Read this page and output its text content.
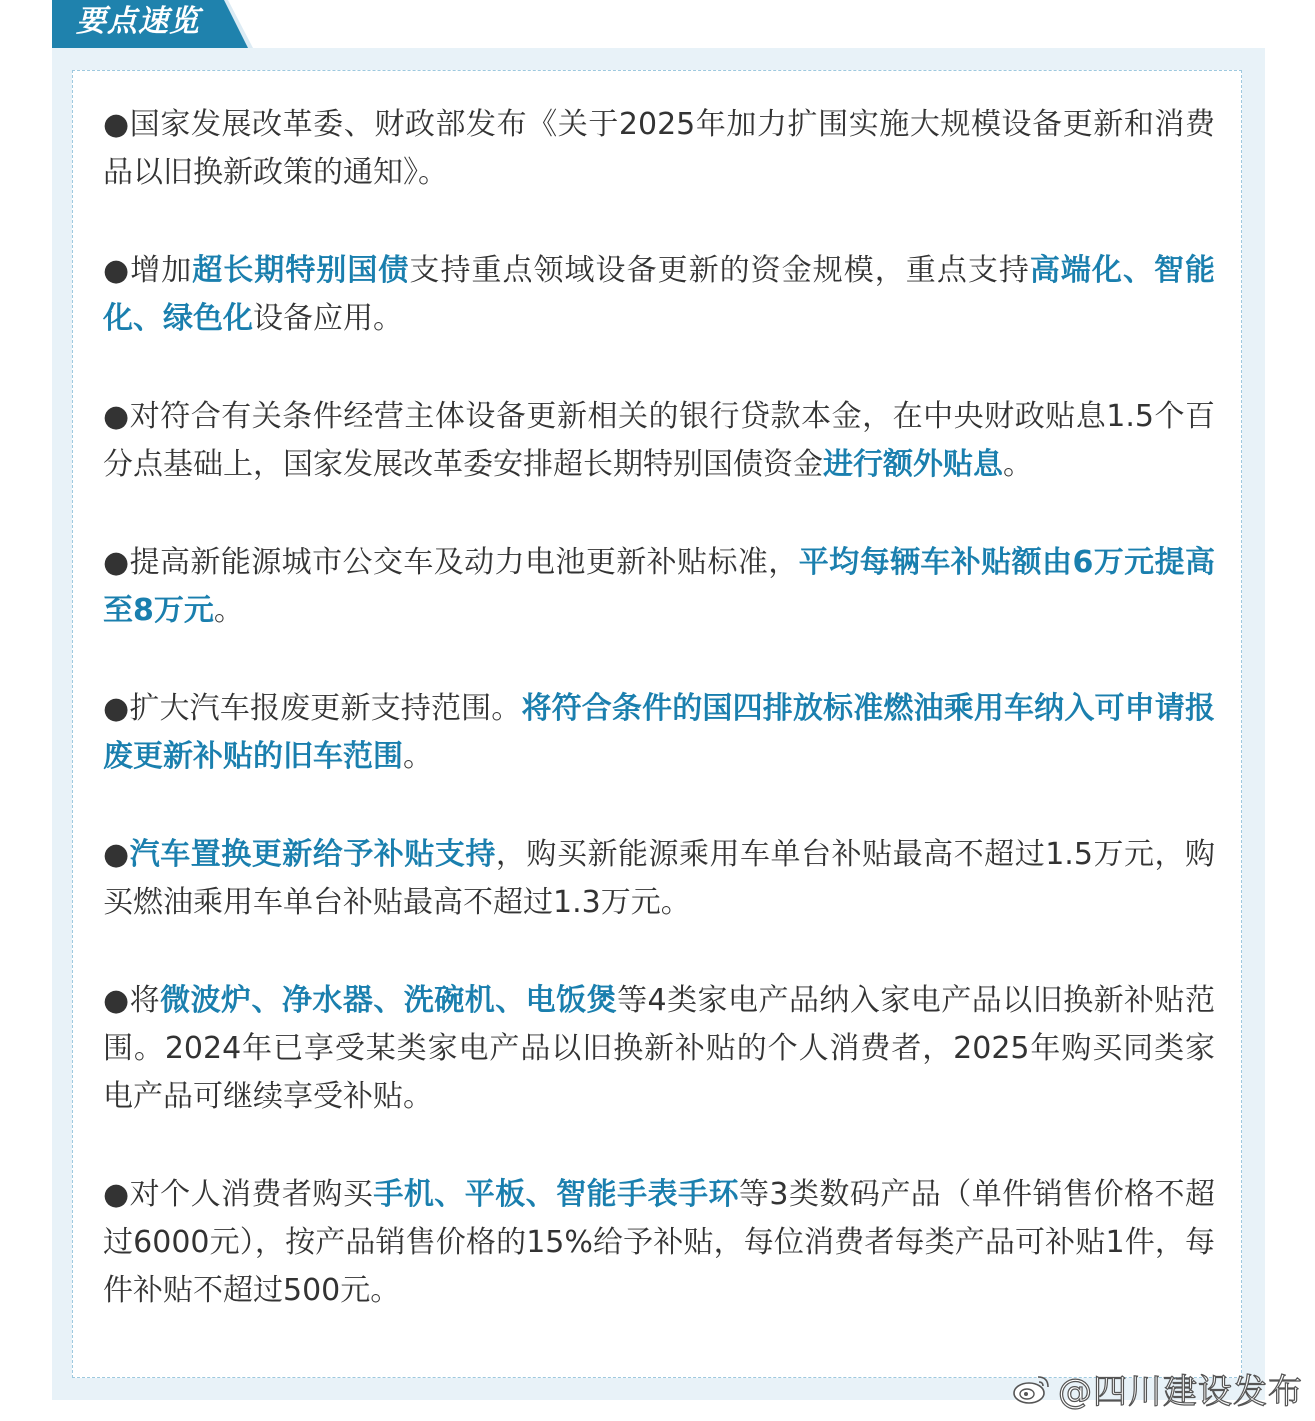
要点速览

●国家发展改革委、财政部发布《关于2025年加力扩围实施大规模设备更新和消费品以旧换新政策的通知》。

●增加超长期特别国债支持重点领域设备更新的资金规模，重点支持高端化、智能化、绿色化设备应用。

●对符合有关条件经营主体设备更新相关的银行贷款本金，在中央财政贴息1.5个百分点基础上，国家发展改革委安排超长期特别国债资金进行额外贴息。

●提高新能源城市公交车及动力电池更新补贴标准，平均每辆车补贴额由6万元提高至8万元。

●扩大汽车报废更新支持范围。将符合条件的国四排放标准燃油乘用车纳入可申请报废更新补贴的旧车范围。

●汽车置换更新给予补贴支持，购买新能源乘用车单台补贴最高不超过1.5万元，购买燃油乘用车单台补贴最高不超过1.3万元。

●将微波炉、净水器、洗碗机、电饭煲等4类家电产品纳入家电产品以旧换新补贴范围。2024年已享受某类家电产品以旧换新补贴的个人消费者，2025年购买同类家电产品可继续享受补贴。

●对个人消费者购买手机、平板、智能手表手环等3类数码产品（单件销售价格不超过6000元），按产品销售价格的15%给予补贴，每位消费者每类产品可补贴1件，每件补贴不超过500元。

@四川建设发布
